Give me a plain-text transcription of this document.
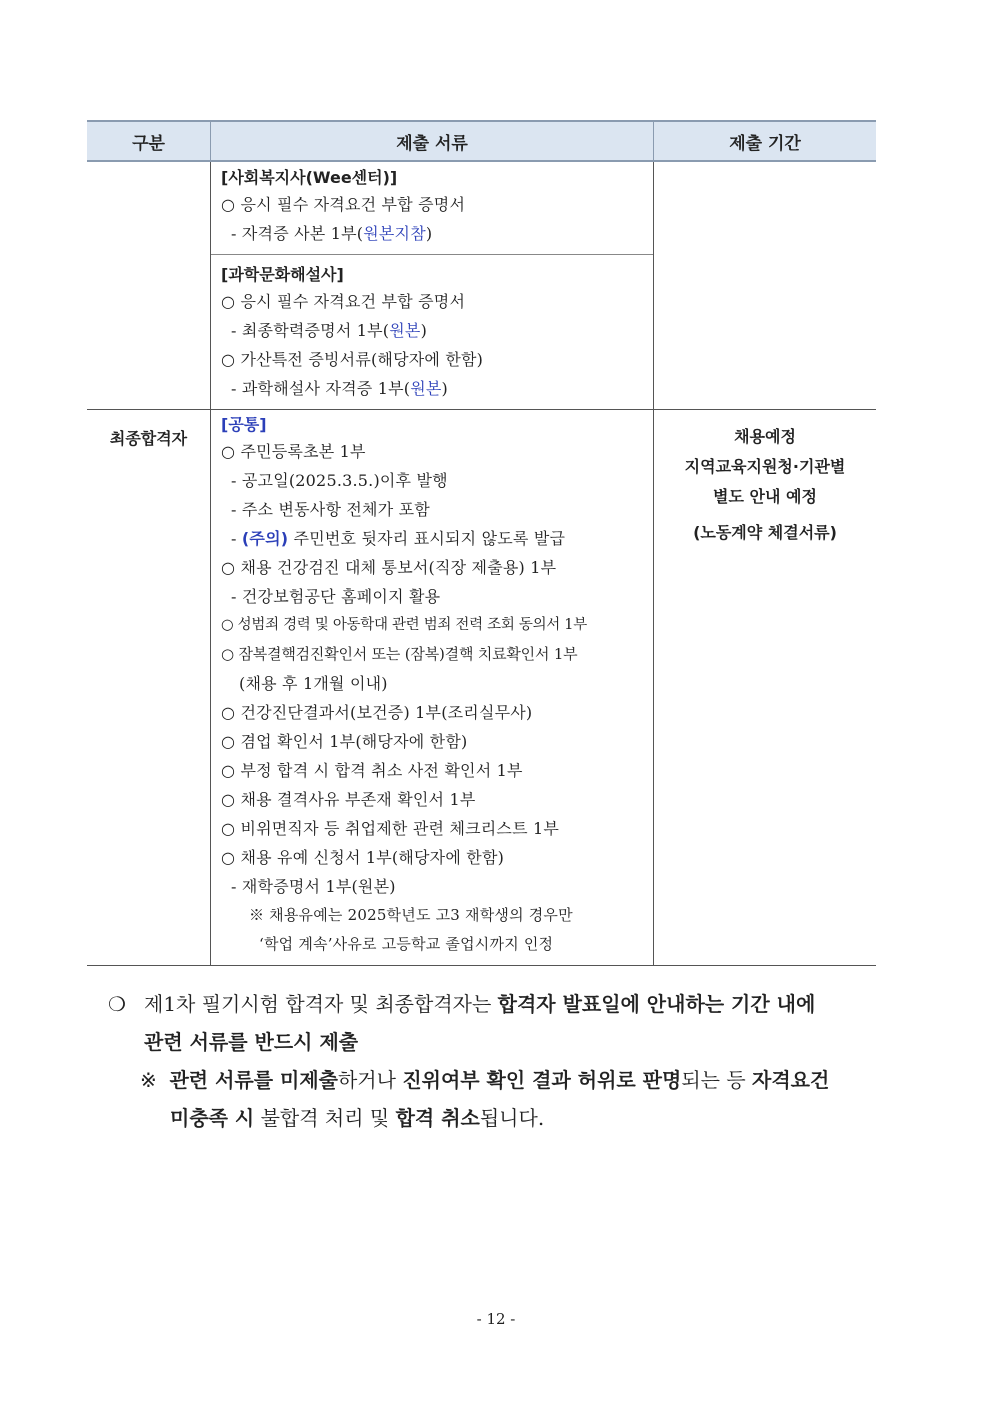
구분	제출 서류	제출 기간
[사회복지사(Wee센터)]
○ 응시 필수 자격요건 부합 증명서
- 자격증 사본 1부(원본지참)
[과학문화해설사]
○ 응시 필수 자격요건 부합 증명서
- 최종학력증명서 1부(원본)
○ 가산특전 증빙서류(해당자에 한함)
- 과학해설사 자격증 1부(원본)
최종합격자
[공통]
○ 주민등록초본 1부
- 공고일(2025.3.5.)이후 발행
- 주소 변동사항 전체가 포함
- (주의) 주민번호 뒷자리 표시되지 않도록 발급
○ 채용 건강검진 대체 통보서(직장 제출용) 1부
- 건강보험공단 홈페이지 활용
○ 성범죄 경력 및 아동학대 관련 범죄 전력 조회 동의서 1부
○ 잠복결핵검진확인서 또는 (잠복)결핵 치료확인서 1부
(채용 후 1개월 이내)
○ 건강진단결과서(보건증) 1부(조리실무사)
○ 겸업 확인서 1부(해당자에 한함)
○ 부정 합격 시 합격 취소 사전 확인서 1부
○ 채용 결격사유 부존재 확인서 1부
○ 비위면직자 등 취업제한 관련 체크리스트 1부
○ 채용 유예 신청서 1부(해당자에 한함)
- 재학증명서 1부(원본)
※ 채용유예는 2025학년도 고3 재학생의 경우만
‘학업 계속’사유로 고등학교 졸업시까지 인정
채용예정
지역교육지원청·기관별
별도 안내 예정
(노동계약 체결서류)
❍ 제1차 필기시험 합격자 및 최종합격자는 합격자 발표일에 안내하는 기간 내에
관련 서류를 반드시 제출
※ 관련 서류를 미제출하거나 진위여부 확인 결과 허위로 판명되는 등 자격요건
미충족 시 불합격 처리 및 합격 취소됩니다.
- 12 -
